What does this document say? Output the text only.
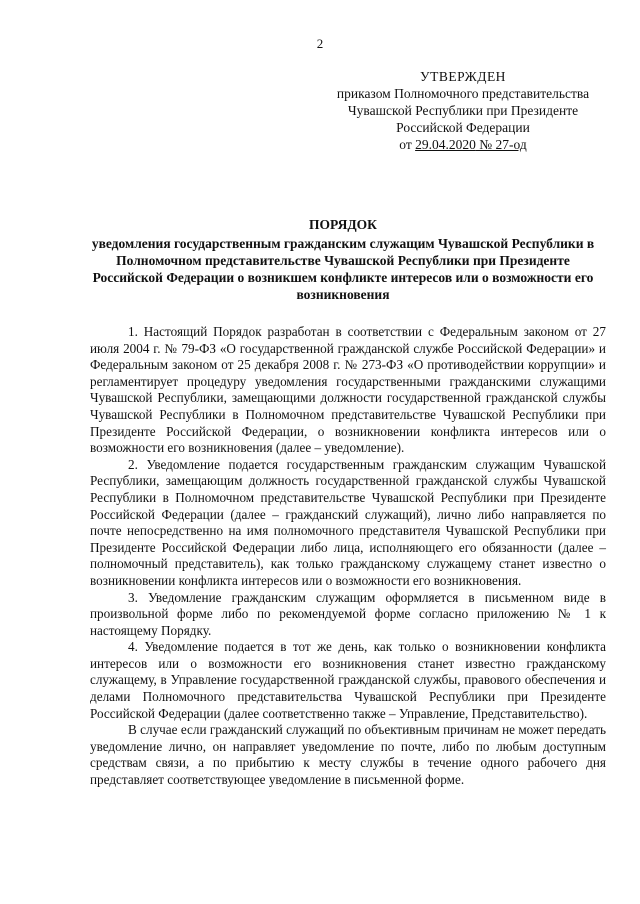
2
УТВЕРЖДЕН
приказом Полномочного представительства
Чувашской Республики при Президенте
Российской Федерации
от 29.04.2020 № 27-од
ПОРЯДОК
уведомления государственным гражданским служащим Чувашской Республики в Полномочном представительстве Чувашской Республики при Президенте Российской Федерации о возникшем конфликте интересов или о возможности его возникновения

1. Настоящий Порядок разработан в соответствии с Федеральным законом от 27 июля 2004 г. № 79-ФЗ «О государственной гражданской службе Российской Федерации» и Федеральным законом от 25 декабря 2008 г. № 273-ФЗ «О противодействии коррупции» и регламентирует процедуру уведомления государственными гражданскими служащими Чувашской Республики, замещающими должности государственной гражданской службы Чувашской Республики в Полномочном представительстве Чувашской Республики при Президенте Российской Федерации, о возникновении конфликта интересов или о возможности его возникновения (далее – уведомление).

2. Уведомление подается государственным гражданским служащим Чувашской Республики, замещающим должность государственной гражданской службы Чувашской Республики в Полномочном представительстве Чувашской Республики при Президенте Российской Федерации (далее – гражданский служащий), лично либо направляется по почте непосредственно на имя полномочного представителя Чувашской Республики при Президенте Российской Федерации либо лица, исполняющего его обязанности (далее – полномочный представитель), как только гражданскому служащему станет известно о возникновении конфликта интересов или о возможности его возникновения.

3. Уведомление гражданским служащим оформляется в письменном виде в произвольной форме либо по рекомендуемой форме согласно приложению № 1 к настоящему Порядку.

4. Уведомление подается в тот же день, как только о возникновении конфликта интересов или о возможности его возникновения станет известно гражданскому служащему, в Управление государственной гражданской службы, правового обеспечения и делами Полномочного представительства Чувашской Республики при Президенте Российской Федерации (далее соответственно также – Управление, Представительство).

В случае если гражданский служащий по объективным причинам не может передать уведомление лично, он направляет уведомление по почте, либо по любым доступным средствам связи, а по прибытию к месту службы в течение одного рабочего дня представляет соответствующее уведомление в письменной форме.
